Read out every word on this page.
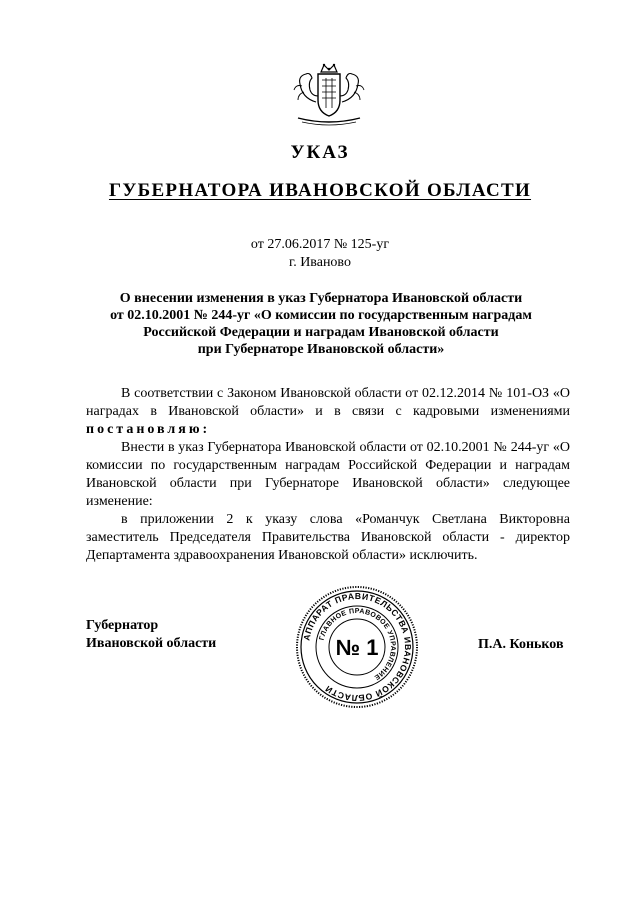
УКАЗ
ГУБЕРНАТОРА ИВАНОВСКОЙ ОБЛАСТИ
от 27.06.2017 № 125-уг
г. Иваново
О внесении изменения в указ Губернатора Ивановской области
от 02.10.2001 № 244-уг «О комиссии по государственным наградам
Российской Федерации и наградам Ивановской области
при Губернаторе Ивановской области»

В соответствии с Законом Ивановской области от 02.12.2014 № 101-ОЗ «О наградах в Ивановской области» и в связи с кадровыми изменениями постановляю:

Внести в указ Губернатора Ивановской области от 02.10.2001 № 244-уг «О комиссии по государственным наградам Российской Федерации и наградам Ивановской области при Губернаторе Ивановской области» следующее изменение:

в приложении 2 к указу слова «Романчук Светлана Викторовна заместитель Председателя Правительства Ивановской области - директор Департамента здравоохранения Ивановской области» исключить.

Губернатор
Ивановской области	АППАРАТ ПРАВИТЕЛЬСТВА ИВАНОВСКОЙ ОБЛАСТИ
ГЛАВНОЕ ПРАВОВОЕ УПРАВЛЕНИЕ
№ 1	П.А. Коньков
